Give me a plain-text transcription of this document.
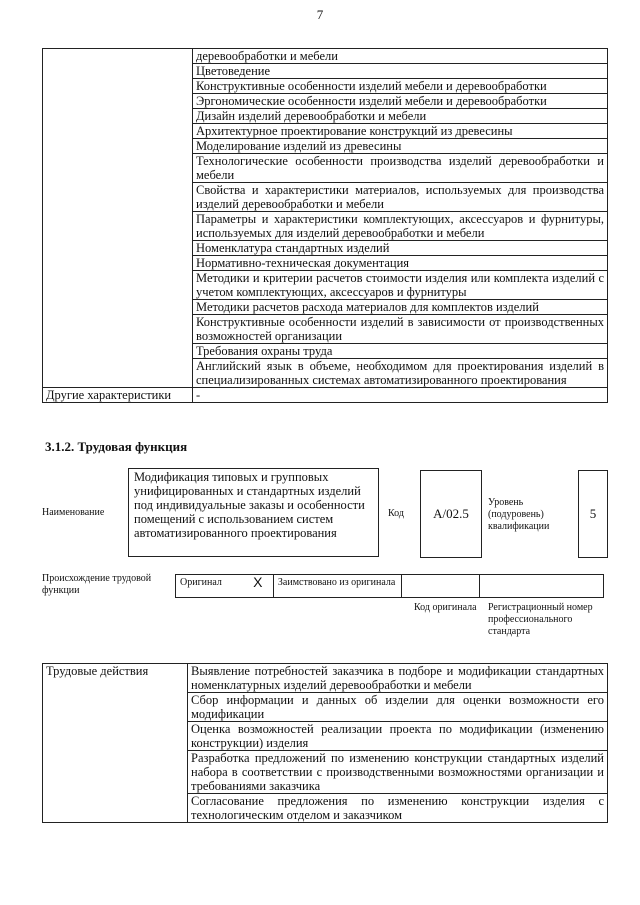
7
	деревообработки и мебели
	Цветоведение
	Конструктивные особенности изделий мебели и деревообработки
	Эргономические особенности изделий мебели и деревообработки
	Дизайн изделий деревообработки и мебели
	Архитектурное проектирование конструкций из древесины
	Моделирование изделий из древесины
	Технологические особенности производства изделий деревообработки и мебели
	Свойства и характеристики материалов, используемых для производства изделий деревообработки и мебели
	Параметры и характеристики комплектующих, аксессуаров и фурнитуры, используемых для изделий деревообработки и мебели
	Номенклатура стандартных изделий
	Нормативно-техническая документация
	Методики и критерии расчетов стоимости изделия или комплекта изделий с учетом комплектующих, аксессуаров и фурнитуры
	Методики расчетов расхода материалов для комплектов изделий
	Конструктивные особенности изделий в зависимости от производственных возможностей организации
	Требования охраны труда
	Английский язык в объеме, необходимом для проектирования изделий в специализированных системах автоматизированного проектирования
Другие характеристики	-
3.1.2. Трудовая функция
Наименование
Модификация типовых и групповых унифицированных и стандартных изделий под индивидуальные заказы и особенности помещений с использованием систем автоматизированного проектирования
Код	А/02.5
Уровень (подуровень) квалификации
5
Происхождение трудовой функции
Оригинал	X	Заимствовано из оригинала		
Код оригинала	Регистрационный номер профессионального стандарта
Трудовые действия	Выявление потребностей заказчика в подборе и модификации стандартных номенклатурных изделий деревообработки и мебели
Сбор информации и данных об изделии для оценки возможности его модификации
Оценка возможностей реализации проекта по модификации (изменению конструкции) изделия
Разработка предложений по изменению конструкции стандартных изделий набора в соответствии с производственными возможностями организации и требованиями заказчика
Согласование предложения по изменению конструкции изделия с технологическим отделом и заказчиком
